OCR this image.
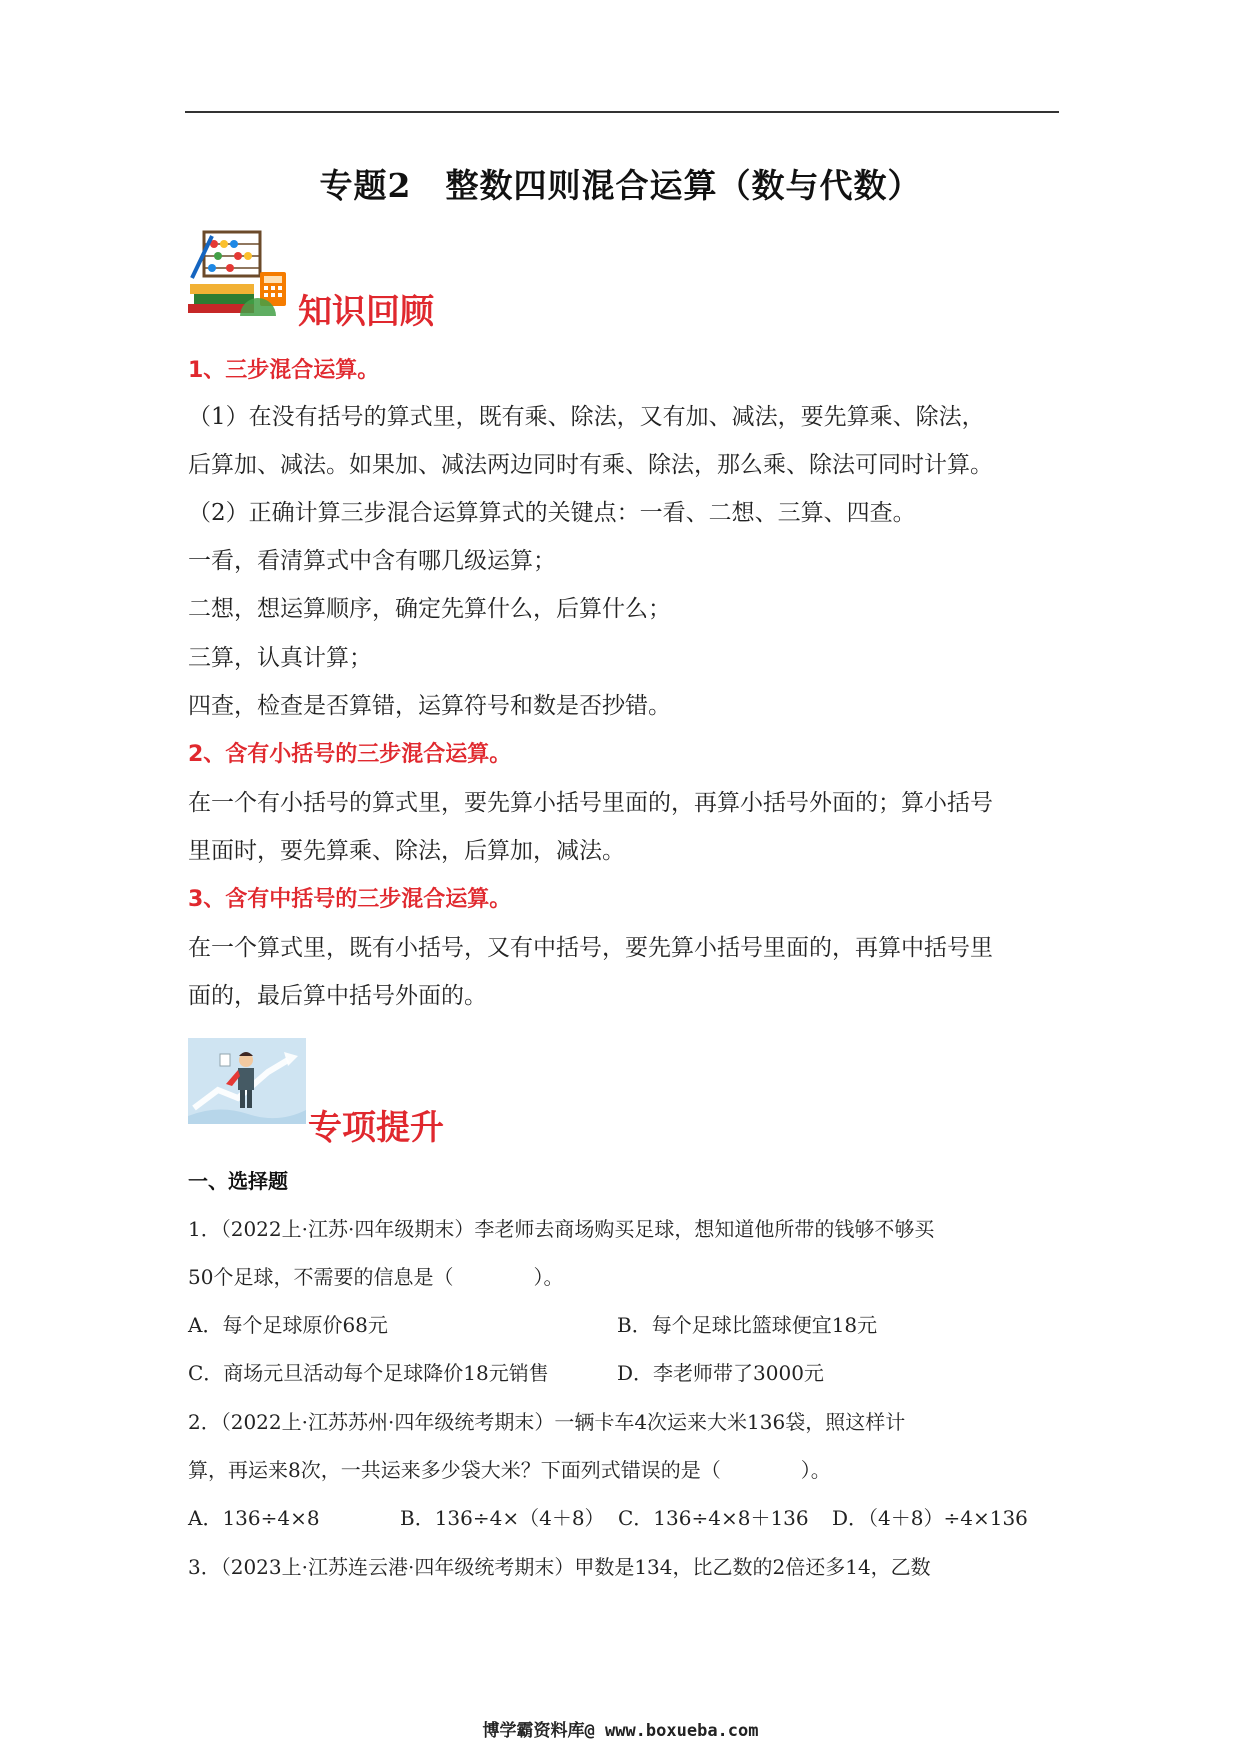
专题2　整数四则混合运算（数与代数）
知识回顾
1、三步混合运算。
（1）在没有括号的算式里，既有乘、除法，又有加、减法，要先算乘、除法，
后算加、减法。如果加、减法两边同时有乘、除法，那么乘、除法可同时计算。
（2）正确计算三步混合运算算式的关键点：一看、二想、三算、四查。
一看，看清算式中含有哪几级运算；
二想，想运算顺序，确定先算什么，后算什么；
三算，认真计算；
四查，检查是否算错，运算符号和数是否抄错。
2、含有小括号的三步混合运算。
在一个有小括号的算式里，要先算小括号里面的，再算小括号外面的；算小括号
里面时，要先算乘、除法，后算加，减法。
3、含有中括号的三步混合运算。
在一个算式里，既有小括号，又有中括号，要先算小括号里面的，再算中括号里
面的，最后算中括号外面的。
专项提升
一、选择题
1．（2022上·江苏·四年级期末）李老师去商场购买足球，想知道他所带的钱够不够买
50个足球，不需要的信息是（　　　　）。
A．每个足球原价68元	B．每个足球比篮球便宜18元
C．商场元旦活动每个足球降价18元销售	D．李老师带了3000元
2．（2022上·江苏苏州·四年级统考期末）一辆卡车4次运来大米136袋，照这样计
算，再运来8次，一共运来多少袋大米？下面列式错误的是（　　　　）。
A．136÷4×8	B．136÷4×（4＋8） C．136÷4×8＋136 D．（4＋8）÷4×136
3．（2023上·江苏连云港·四年级统考期末）甲数是134，比乙数的2倍还多14，乙数
博学霸资料库@ www.boxueba.com
